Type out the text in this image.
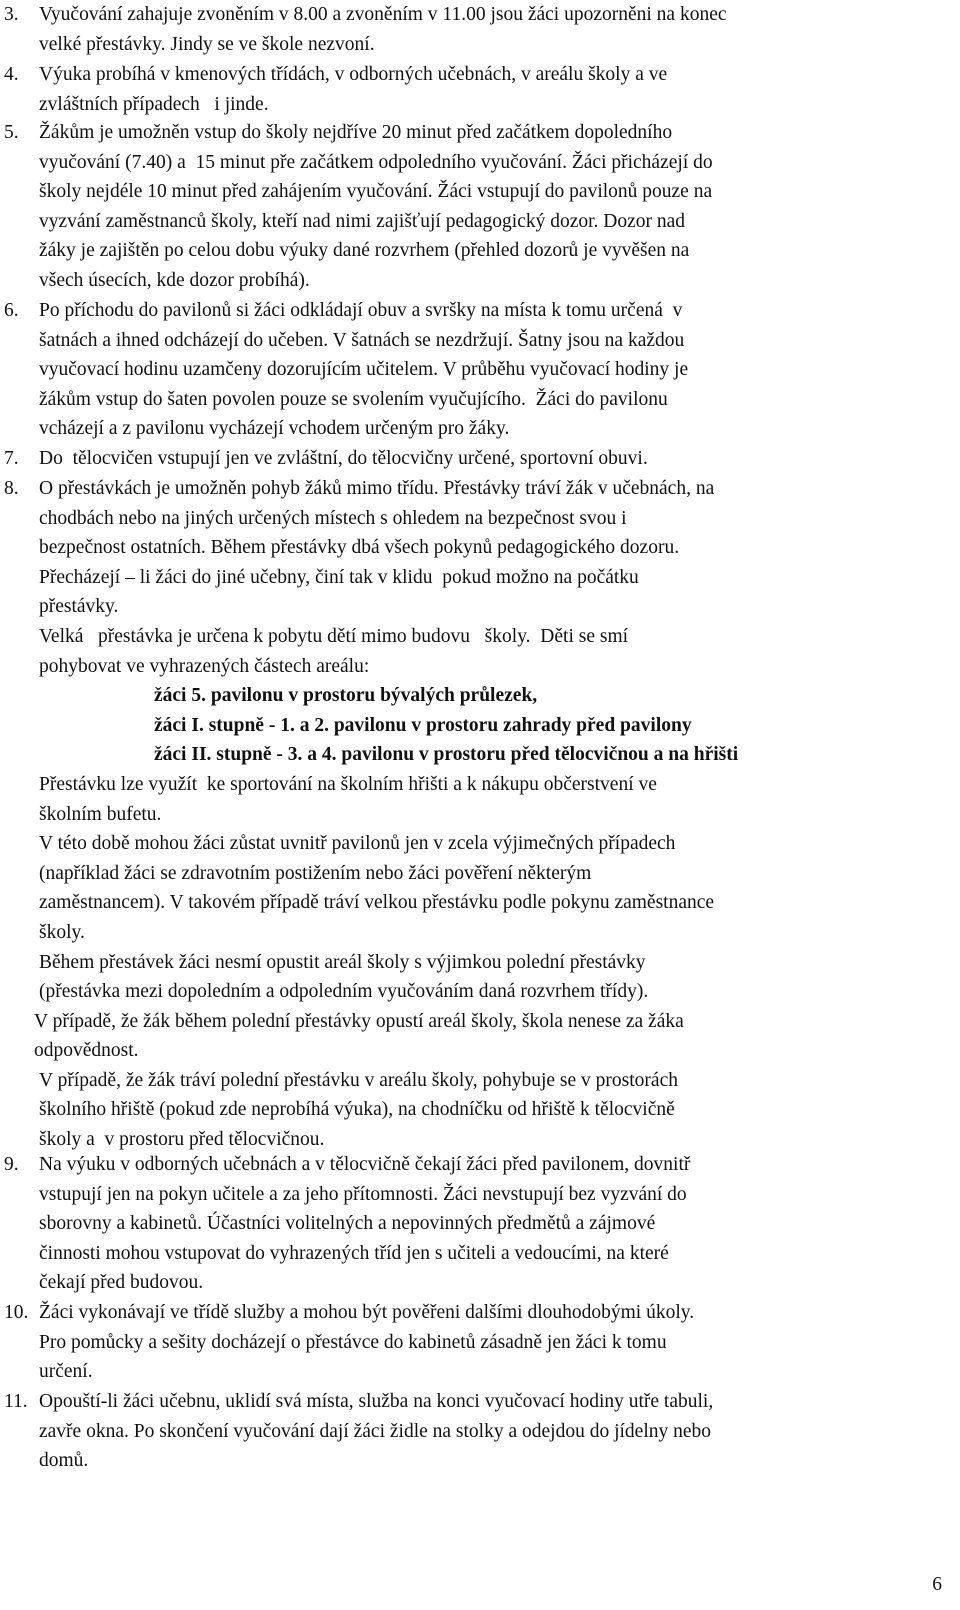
3. Vyučování zahajuje zvoněním v 8.00 a zvoněním v 11.00 jsou žáci upozorněni na konec
velké přestávky. Jindy se ve škole nezvoní.
4. Výuka probíhá v kmenových třídách, v odborných učebnách, v areálu školy a ve
zvláštních případech   i jinde.
5. Žákům je umožněn vstup do školy nejdříve 20 minut před začátkem dopoledního
vyučování (7.40) a  15 minut pře začátkem odpoledního vyučování. Žáci přicházejí do
školy nejdéle 10 minut před zahájením vyučování. Žáci vstupují do pavilonů pouze na
vyzvání zaměstnanců školy, kteří nad nimi zajišťují pedagogický dozor. Dozor nad
žáky je zajištěn po celou dobu výuky dané rozvrhem (přehled dozorů je vyvěšen na
všech úsecích, kde dozor probíhá).
6. Po příchodu do pavilonů si žáci odkládají obuv a svršky na místa k tomu určená  v
šatnách a ihned odcházejí do učeben. V šatnách se nezdržují. Šatny jsou na každou
vyučovací hodinu uzamčeny dozorujícím učitelem. V průběhu vyučovací hodiny je
žákům vstup do šaten povolen pouze se svolením vyučujícího.  Žáci do pavilonu
vcházejí a z pavilonu vycházejí vchodem určeným pro žáky.
7. Do  tělocvičen vstupují jen ve zvláštní, do tělocvičny určené, sportovní obuvi.
8. O přestávkách je umožněn pohyb žáků mimo třídu. Přestávky tráví žák v učebnách, na
chodbách nebo na jiných určených místech s ohledem na bezpečnost svou i
bezpečnost ostatních. Během přestávky dbá všech pokynů pedagogického dozoru.
Přecházejí – li žáci do jiné učebny, činí tak v klidu  pokud možno na počátku
přestávky.
Velká   přestávka je určena k pobytu dětí mimo budovu   školy.  Děti se smí
pohybovat ve vyhrazených částech areálu:
žáci 5. pavilonu v prostoru bývalých průlezek,
žáci I. stupně - 1. a 2. pavilonu v prostoru zahrady před pavilony
žáci II. stupně - 3. a 4. pavilonu v prostoru před tělocvičnou a na hřišti
Přestávku lze využít  ke sportování na školním hřišti a k nákupu občerstvení ve
školním bufetu.
V této době mohou žáci zůstat uvnitř pavilonů jen v zcela výjimečných případech
(například žáci se zdravotním postižením nebo žáci pověření některým
zaměstnancem). V takovém případě tráví velkou přestávku podle pokynu zaměstnance
školy.
Během přestávek žáci nesmí opustit areál školy s výjimkou polední přestávky
(přestávka mezi dopoledním a odpoledním vyučováním daná rozvrhem třídy).
V případě, že žák během polední přestávky opustí areál školy, škola nenese za žáka
odpovědnost.
V případě, že žák tráví polední přestávku v areálu školy, pohybuje se v prostorách
školního hřiště (pokud zde neprobíhá výuka), na chodníčku od hřiště k tělocvičně
školy a  v prostoru před tělocvičnou.
9. Na výuku v odborných učebnách a v tělocvičně čekají žáci před pavilonem, dovnitř
vstupují jen na pokyn učitele a za jeho přítomnosti. Žáci nevstupují bez vyzvání do
sborovny a kabinetů. Účastníci volitelných a nepovinných předmětů a zájmové
činnosti mohou vstupovat do vyhrazených tříd jen s učiteli a vedoucími, na které
čekají před budovou.
10. Žáci vykonávají ve třídě služby a mohou být pověřeni dalšími dlouhodobými úkoly.
Pro pomůcky a sešity docházejí o přestávce do kabinetů zásadně jen žáci k tomu
určení.
11. Opouští-li žáci učebnu, uklidí svá místa, služba na konci vyučovací hodiny utře tabuli,
zavře okna. Po skončení vyučování dají žáci židle na stolky a odejdou do jídelny nebo
domů.
6
